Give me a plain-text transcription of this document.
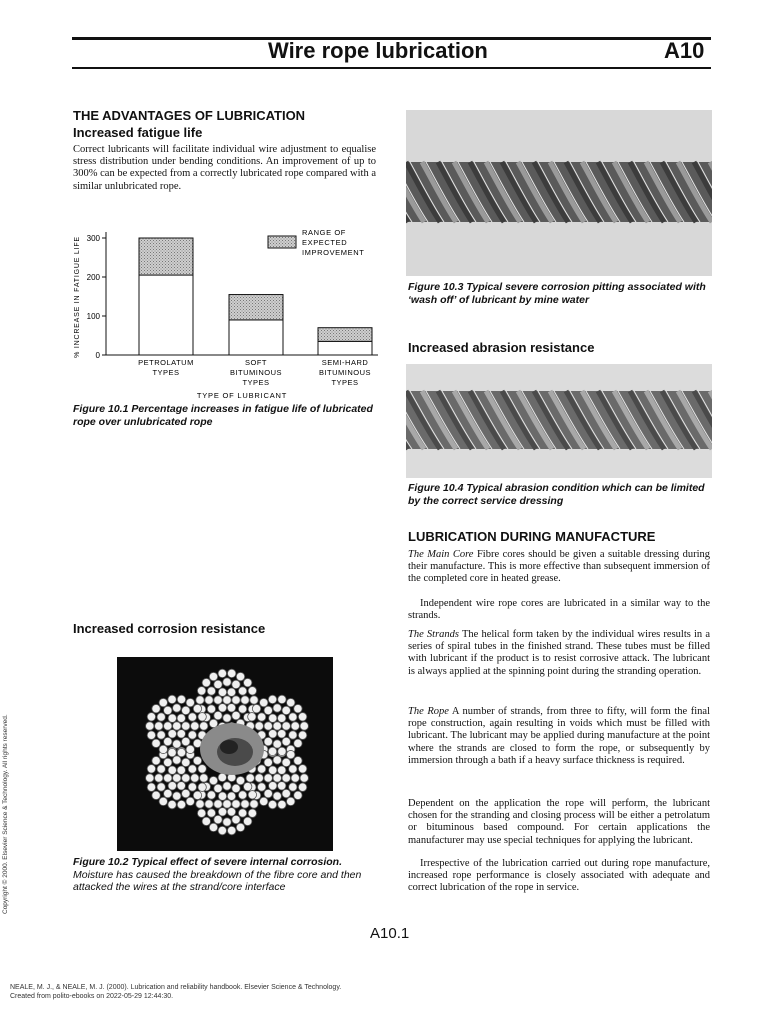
Wire rope lubrication	A10
THE ADVANTAGES OF LUBRICATION
Increased fatigue life

Correct lubricants will facilitate individual wire adjustment to equalise stress distribution under bending conditions. An improvement of up to 300% can be expected from a correctly lubricated rope compared with a similar unlubricated rope.

0
100
200
300
% INCREASE IN FATIGUE LIFE
PETROLATUM
TYPES
SOFT
BITUMINOUS
TYPES
SEMI-HARD
BITUMINOUS
TYPES
TYPE OF LUBRICANT
RANGE OF
EXPECTED
IMPROVEMENT

Figure 10.1 Percentage increases in fatigue life of lubricated rope over unlubricated rope

Increased corrosion resistance

Figure 10.2 Typical effect of severe internal corrosion. Moisture has caused the breakdown of the fibre core and then attacked the wires at the strand/core interface

Figure 10.3 Typical severe corrosion pitting associated with ‘wash off’ of lubricant by mine water

Increased abrasion resistance

Figure 10.4 Typical abrasion condition which can be limited by the correct service dressing

LUBRICATION DURING MANUFACTURE

The Main Core Fibre cores should be given a suitable dressing during their manufacture. This is more effective than subsequent immersion of the completed core in heated grease.

Independent wire rope cores are lubricated in a similar way to the strands.

The Strands The helical form taken by the individual wires results in a series of spiral tubes in the finished strand. These tubes must be filled with lubricant if the product is to resist corrosive attack. The lubricant is always applied at the spinning point during the stranding operation.

The Rope A number of strands, from three to fifty, will form the final rope construction, again resulting in voids which must be filled with lubricant. The lubricant may be applied during manufacture at the point where the strands are closed to form the rope, or subsequently by immersion through a bath if a heavy surface thickness is required.

Dependent on the application the rope will perform, the lubricant chosen for the stranding and closing process will be either a petrolatum or bituminous based compound. For certain applications the manufacturer may use special techniques for applying the lubricant.

Irrespective of the lubrication carried out during rope manufacture, increased rope performance is closely associated with adequate and correct lubrication of the rope in service.

A10.1
Copyright © 2000. Elsevier Science & Technology. All rights reserved.
NEALE, M. J., & NEALE, M. J. (2000). Lubrication and reliability handbook. Elsevier Science & Technology.
Created from polito-ebooks on 2022-05-29 12:44:30.
